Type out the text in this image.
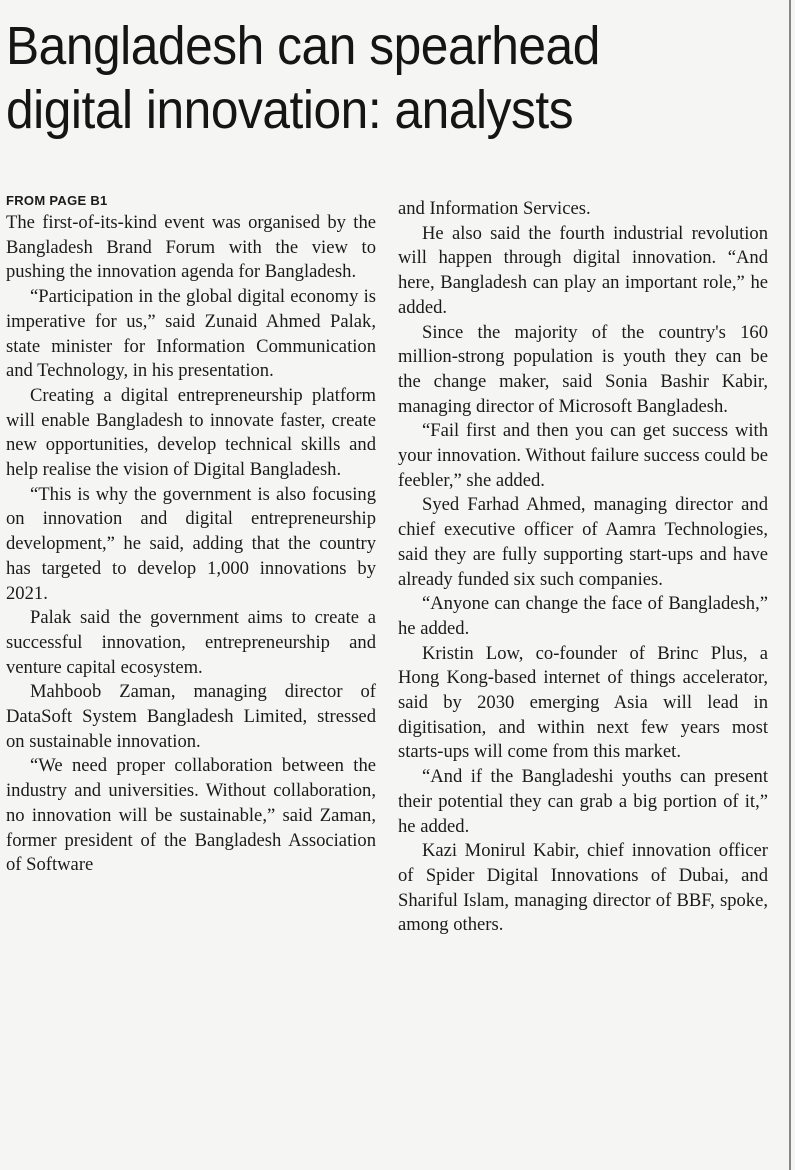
Bangladesh can spearhead digital innovation: analysts
FROM PAGE B1

The first-of-its-kind event was organised by the Bangladesh Brand Forum with the view to pushing the innovation agenda for Bangladesh.

“Participation in the global digital economy is imperative for us,” said Zunaid Ahmed Palak, state minister for Information Communication and Technology, in his presentation.

Creating a digital entrepreneurship platform will enable Bangladesh to innovate faster, create new opportunities, develop technical skills and help realise the vision of Digital Bangladesh.

“This is why the government is also focusing on innovation and digital entrepreneurship development,” he said, adding that the country has targeted to develop 1,000 innovations by 2021.

Palak said the government aims to create a successful innovation, entrepreneurship and venture capital ecosystem.

Mahboob Zaman, managing director of DataSoft System Bangladesh Limited, stressed on sustainable innovation.

“We need proper collaboration between the industry and universities. Without collaboration, no innovation will be sustainable,” said Zaman, former president of the Bangladesh Association of Software

and Information Services.

He also said the fourth industrial revolution will happen through digital innovation. “And here, Bangladesh can play an important role,” he added.

Since the majority of the country's 160 million-strong population is youth they can be the change maker, said Sonia Bashir Kabir, managing director of Microsoft Bangladesh.

“Fail first and then you can get success with your innovation. Without failure success could be feebler,” she added.

Syed Farhad Ahmed, managing director and chief executive officer of Aamra Technologies, said they are fully supporting start-ups and have already funded six such companies.

“Anyone can change the face of Bangladesh,” he added.

Kristin Low, co-founder of Brinc Plus, a Hong Kong-based internet of things accelerator, said by 2030 emerging Asia will lead in digitisation, and within next few years most starts-ups will come from this market.

“And if the Bangladeshi youths can present their potential they can grab a big portion of it,” he added.

Kazi Monirul Kabir, chief innovation officer of Spider Digital Innovations of Dubai, and Shariful Islam, managing director of BBF, spoke, among others.
